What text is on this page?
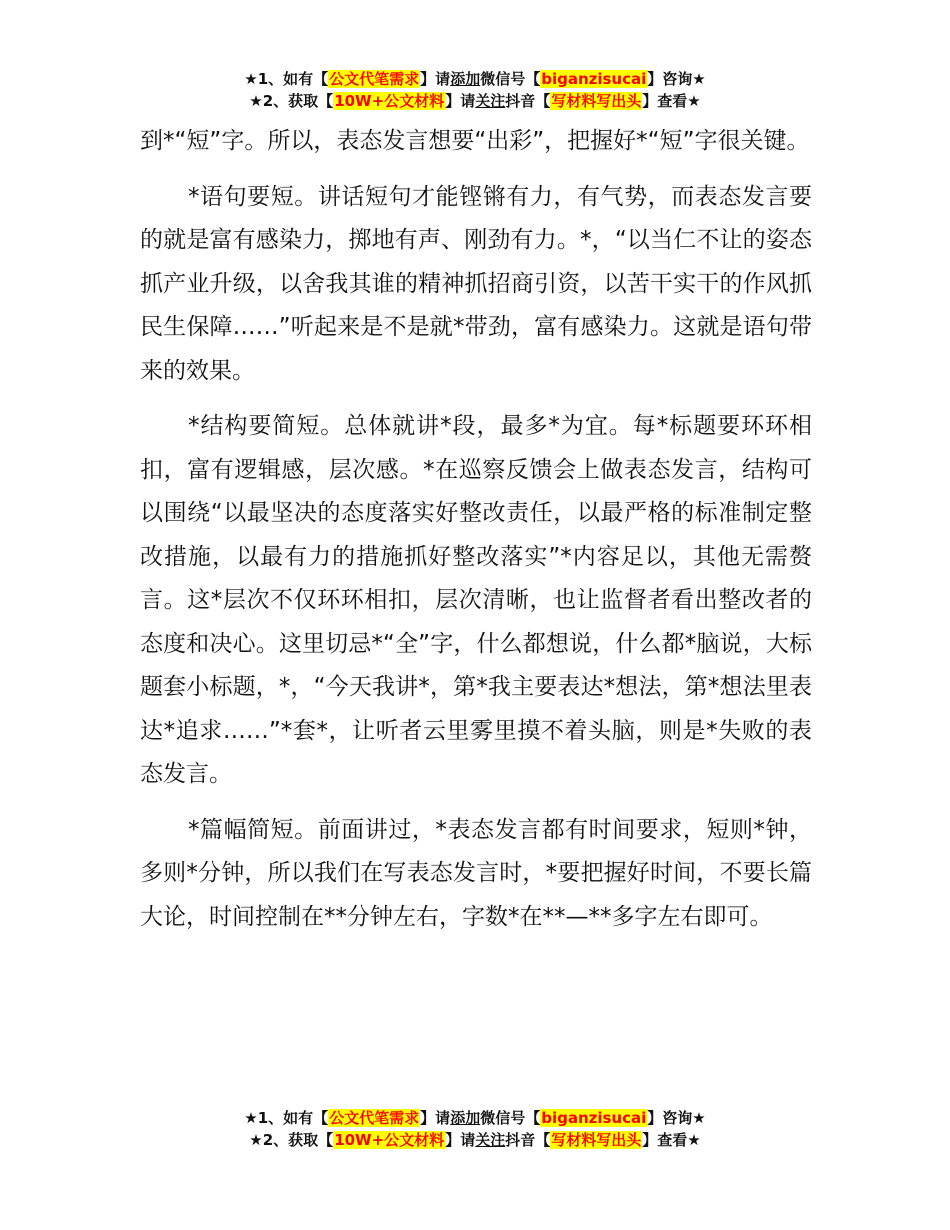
★1、如有【公文代笔需求】请添加微信号【biganzisucai】咨询★
★2、获取【10W+公文材料】请关注抖音【写材料写出头】查看★

到*“短”字。所以，表态发言想要“出彩”，把握好*“短”字很关键。

*语句要短。讲话短句才能铿锵有力，有气势，而表态发言要的就是富有感染力，掷地有声、刚劲有力。*，“以当仁不让的姿态抓产业升级，以舍我其谁的精神抓招商引资，以苦干实干的作风抓民生保障……”听起来是不是就*带劲，富有感染力。这就是语句带来的效果。

*结构要简短。总体就讲*段，最多*为宜。每*标题要环环相扣，富有逻辑感，层次感。*在巡察反馈会上做表态发言，结构可以围绕“以最坚决的态度落实好整改责任，以最严格的标准制定整改措施，以最有力的措施抓好整改落实”*内容足以，其他无需赘言。这*层次不仅环环相扣，层次清晰，也让监督者看出整改者的态度和决心。这里切忌*“全”字，什么都想说，什么都*脑说，大标题套小标题，*，“今天我讲*，第*我主要表达*想法，第*想法里表达*追求……”*套*，让听者云里雾里摸不着头脑，则是*失败的表态发言。

*篇幅简短。前面讲过，*表态发言都有时间要求，短则*钟，多则*分钟，所以我们在写表态发言时，*要把握好时间，不要长篇大论，时间控制在**分钟左右，字数*在**—**多字左右即可。

★1、如有【公文代笔需求】请添加微信号【biganzisucai】咨询★
★2、获取【10W+公文材料】请关注抖音【写材料写出头】查看★
